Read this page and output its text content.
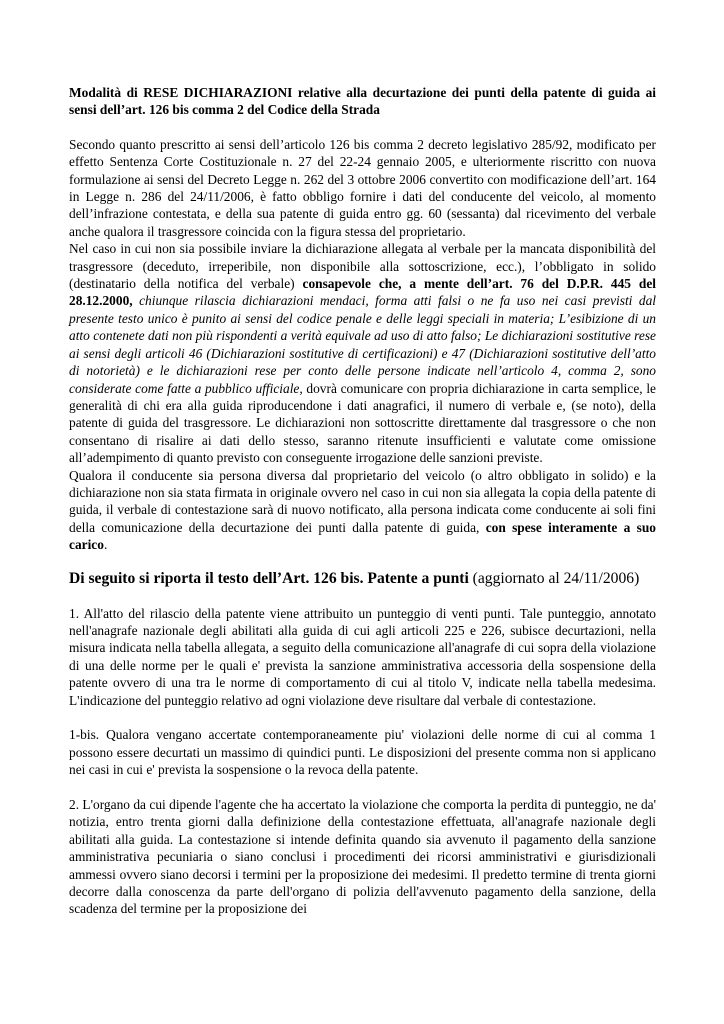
Modalità di RESE DICHIARAZIONI relative alla decurtazione dei punti della patente di guida ai sensi dell’art. 126 bis comma 2 del Codice della Strada

Secondo quanto prescritto ai sensi dell’articolo 126 bis comma 2 decreto legislativo 285/92, modificato per effetto Sentenza Corte Costituzionale n. 27 del 22-24 gennaio 2005, e ulteriormente riscritto con nuova formulazione ai sensi del Decreto Legge n. 262 del 3 ottobre 2006 convertito con modificazione dell’art. 164 in Legge n. 286 del 24/11/2006, è fatto obbligo fornire i dati del conducente del veicolo, al momento dell’infrazione contestata, e della sua patente di guida entro gg. 60 (sessanta) dal ricevimento del verbale anche qualora il trasgressore coincida con la figura stessa del proprietario.

Nel caso in cui non sia possibile inviare la dichiarazione allegata al verbale per la mancata disponibilità del trasgressore (deceduto, irreperibile, non disponibile alla sottoscrizione, ecc.), l’obbligato in solido (destinatario della notifica del verbale) consapevole che, a mente dell’art. 76 del D.P.R. 445 del 28.12.2000, chiunque rilascia dichiarazioni mendaci, forma atti falsi o ne fa uso nei casi previsti dal presente testo unico è punito ai sensi del codice penale e delle leggi speciali in materia; L’esibizione di un atto contenete dati non più rispondenti a verità equivale ad uso di atto falso; Le dichiarazioni sostitutive rese ai sensi degli articoli 46 (Dichiarazioni sostitutive di certificazioni) e 47 (Dichiarazioni sostitutive dell’atto di notorietà) e le dichiarazioni rese per conto delle persone indicate nell’articolo 4, comma 2, sono considerate come fatte a pubblico ufficiale, dovrà comunicare con propria dichiarazione in carta semplice, le generalità di chi era alla guida riproducendone i dati anagrafici, il numero di verbale e, (se noto), della patente di guida del trasgressore. Le dichiarazioni non sottoscritte direttamente dal trasgressore o che non consentano di risalire ai dati dello stesso, saranno ritenute insufficienti e valutate come omissione all’adempimento di quanto previsto con conseguente irrogazione delle sanzioni previste.

Qualora il conducente sia persona diversa dal proprietario del veicolo (o altro obbligato in solido) e la dichiarazione non sia stata firmata in originale ovvero nel caso in cui non sia allegata la copia della patente di guida, il verbale di contestazione sarà di nuovo notificato, alla persona indicata come conducente ai soli fini della comunicazione della decurtazione dei punti dalla patente di guida, con spese interamente a suo carico.

Di seguito si riporta il testo dell’Art. 126 bis. Patente a punti (aggiornato al 24/11/2006)

1. All'atto del rilascio della patente viene attribuito un punteggio di venti punti. Tale punteggio, annotato nell'anagrafe nazionale degli abilitati alla guida di cui agli articoli 225 e 226, subisce decurtazioni, nella misura indicata nella tabella allegata, a seguito della comunicazione all'anagrafe di cui sopra della violazione di una delle norme per le quali e' prevista la sanzione amministrativa accessoria della sospensione della patente ovvero di una tra le norme di comportamento di cui al titolo V, indicate nella tabella medesima. L'indicazione del punteggio relativo ad ogni violazione deve risultare dal verbale di contestazione.

1-bis. Qualora vengano accertate contemporaneamente piu' violazioni delle norme di cui al comma 1 possono essere decurtati un massimo di quindici punti. Le disposizioni del presente comma non si applicano nei casi in cui e' prevista la sospensione o la revoca della patente.

2. L'organo da cui dipende l'agente che ha accertato la violazione che comporta la perdita di punteggio, ne da' notizia, entro trenta giorni dalla definizione della contestazione effettuata, all'anagrafe nazionale degli abilitati alla guida. La contestazione si intende definita quando sia avvenuto il pagamento della sanzione amministrativa pecuniaria o siano conclusi i procedimenti dei ricorsi amministrativi e giurisdizionali ammessi ovvero siano decorsi i termini per la proposizione dei medesimi. Il predetto termine di trenta giorni decorre dalla conoscenza da parte dell'organo di polizia dell'avvenuto pagamento della sanzione, della scadenza del termine per la proposizione dei
